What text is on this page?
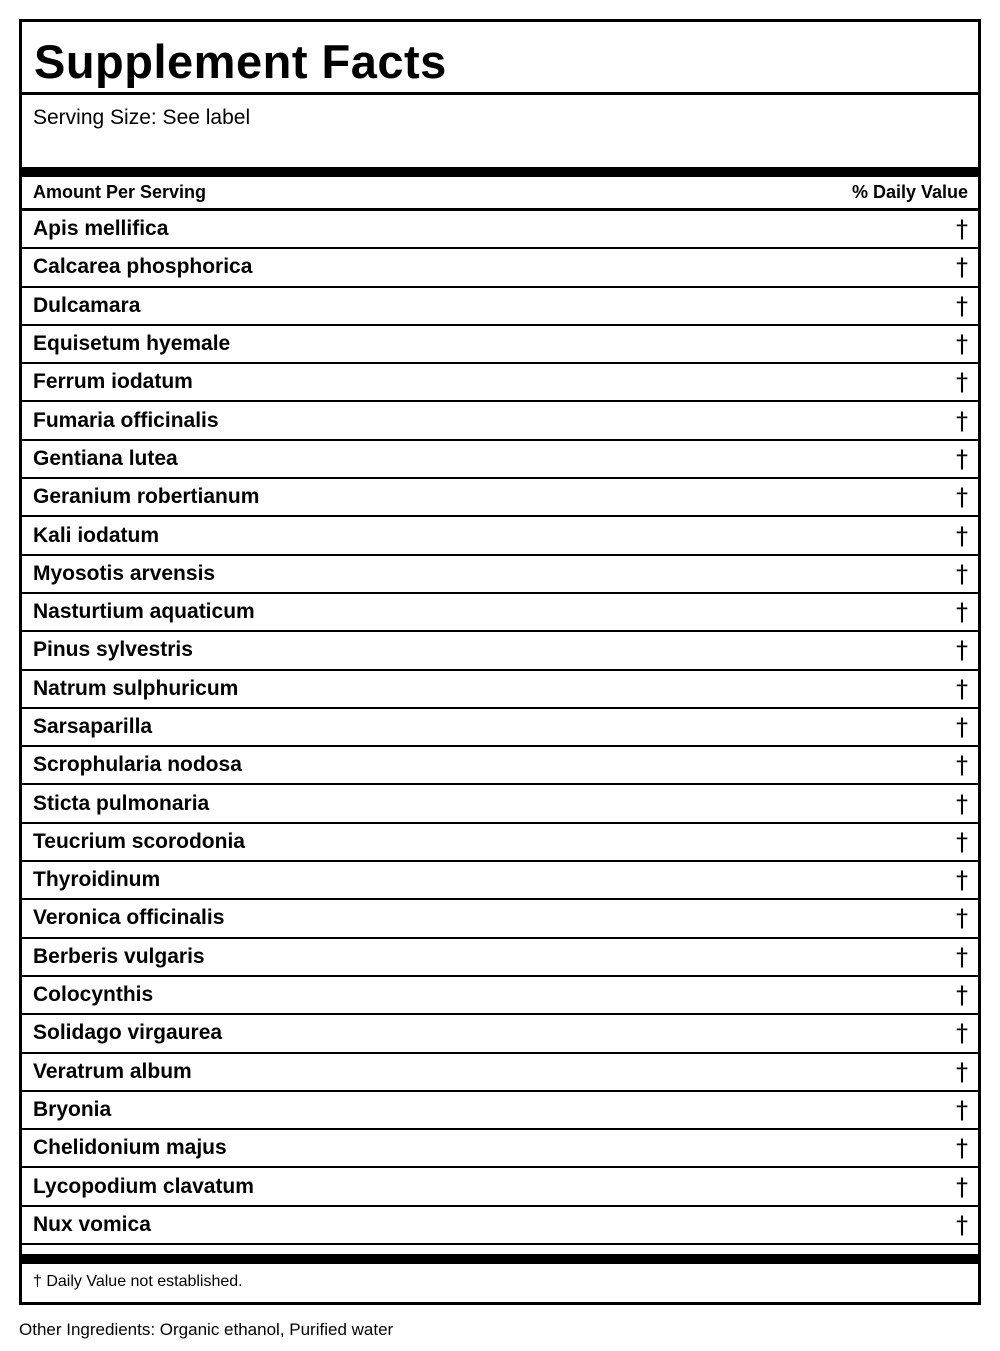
Supplement Facts
Serving Size: See label
Amount Per Serving	% Daily Value
Apis mellifica	†
Calcarea phosphorica	†
Dulcamara	†
Equisetum hyemale	†
Ferrum iodatum	†
Fumaria officinalis	†
Gentiana lutea	†
Geranium robertianum	†
Kali iodatum	†
Myosotis arvensis	†
Nasturtium aquaticum	†
Pinus sylvestris	†
Natrum sulphuricum	†
Sarsaparilla	†
Scrophularia nodosa	†
Sticta pulmonaria	†
Teucrium scorodonia	†
Thyroidinum	†
Veronica officinalis	†
Berberis vulgaris	†
Colocynthis	†
Solidago virgaurea	†
Veratrum album	†
Bryonia	†
Chelidonium majus	†
Lycopodium clavatum	†
Nux vomica	†
† Daily Value not established.
Other Ingredients: Organic ethanol, Purified water
